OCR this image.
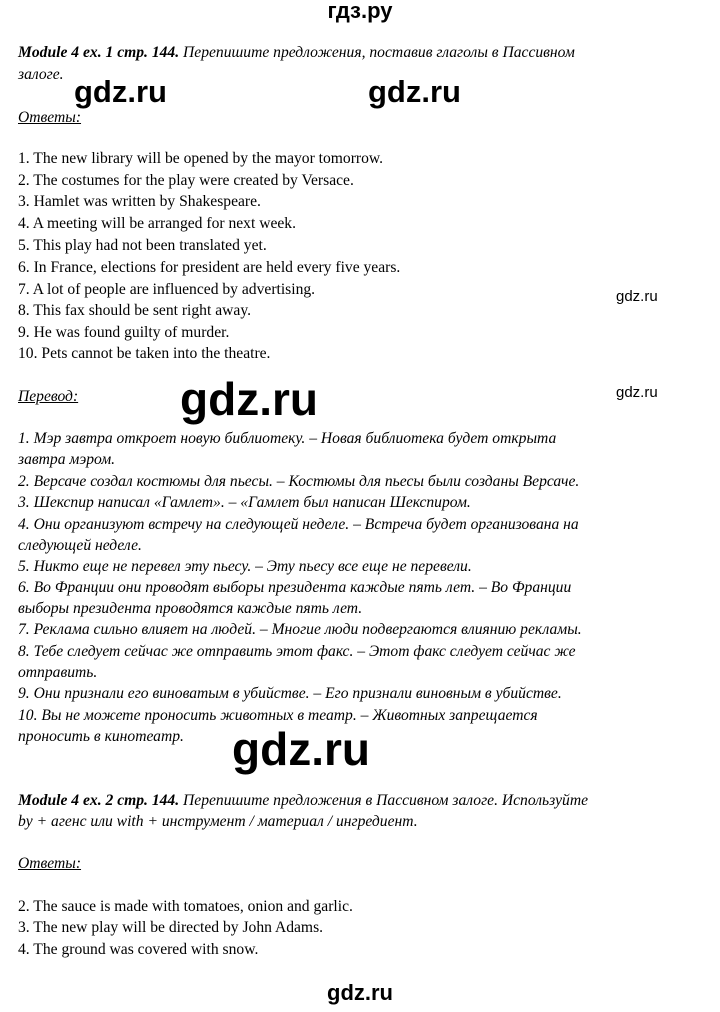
гдз.ру
gdz.ru	gdz.ru
gdz.ru
gdz.ru
gdz.ru
gdz.ru
gdz.ru
Module 4 ex. 1 стр. 144. Перепишите предложения, поставив глаголы в Пассивном
залоге.
Ответы:
1. The new library will be opened by the mayor tomorrow.
2. The costumes for the play were created by Versace.
3. Hamlet was written by Shakespeare.
4. A meeting will be arranged for next week.
5. This play had not been translated yet.
6. In France, elections for president are held every five years.
7. A lot of people are influenced by advertising.
8. This fax should be sent right away.
9. He was found guilty of murder.
10. Pets cannot be taken into the theatre.
Перевод:
1. Мэр завтра откроет новую библиотеку. – Новая библиотека будет открыта
завтра мэром.
2. Версаче создал костюмы для пьесы. – Костюмы для пьесы были созданы Версаче.
3. Шекспир написал «Гамлет». – «Гамлет был написан Шекспиром.
4. Они организуют встречу на следующей неделе. – Встреча будет организована на
следующей неделе.
5. Никто еще не перевел эту пьесу. – Эту пьесу все еще не перевели.
6. Во Франции они проводят выборы президента каждые пять лет. – Во Франции
выборы президента проводятся каждые пять лет.
7. Реклама сильно влияет на людей. – Многие люди подвергаются влиянию рекламы.
8. Тебе следует сейчас же отправить этот факс. – Этот факс следует сейчас же
отправить.
9. Они признали его виноватым в убийстве. – Его признали виновным в убийстве.
10. Вы не можете проносить животных в театр. – Животных запрещается
проносить в кинотеатр.
Module 4 ex. 2 стр. 144. Перепишите предложения в Пассивном залоге. Используйте
by + агенс или with + инструмент / материал / ингредиент.
Ответы:
2. The sauce is made with tomatoes, onion and garlic.
3. The new play will be directed by John Adams.
4. The ground was covered with snow.
